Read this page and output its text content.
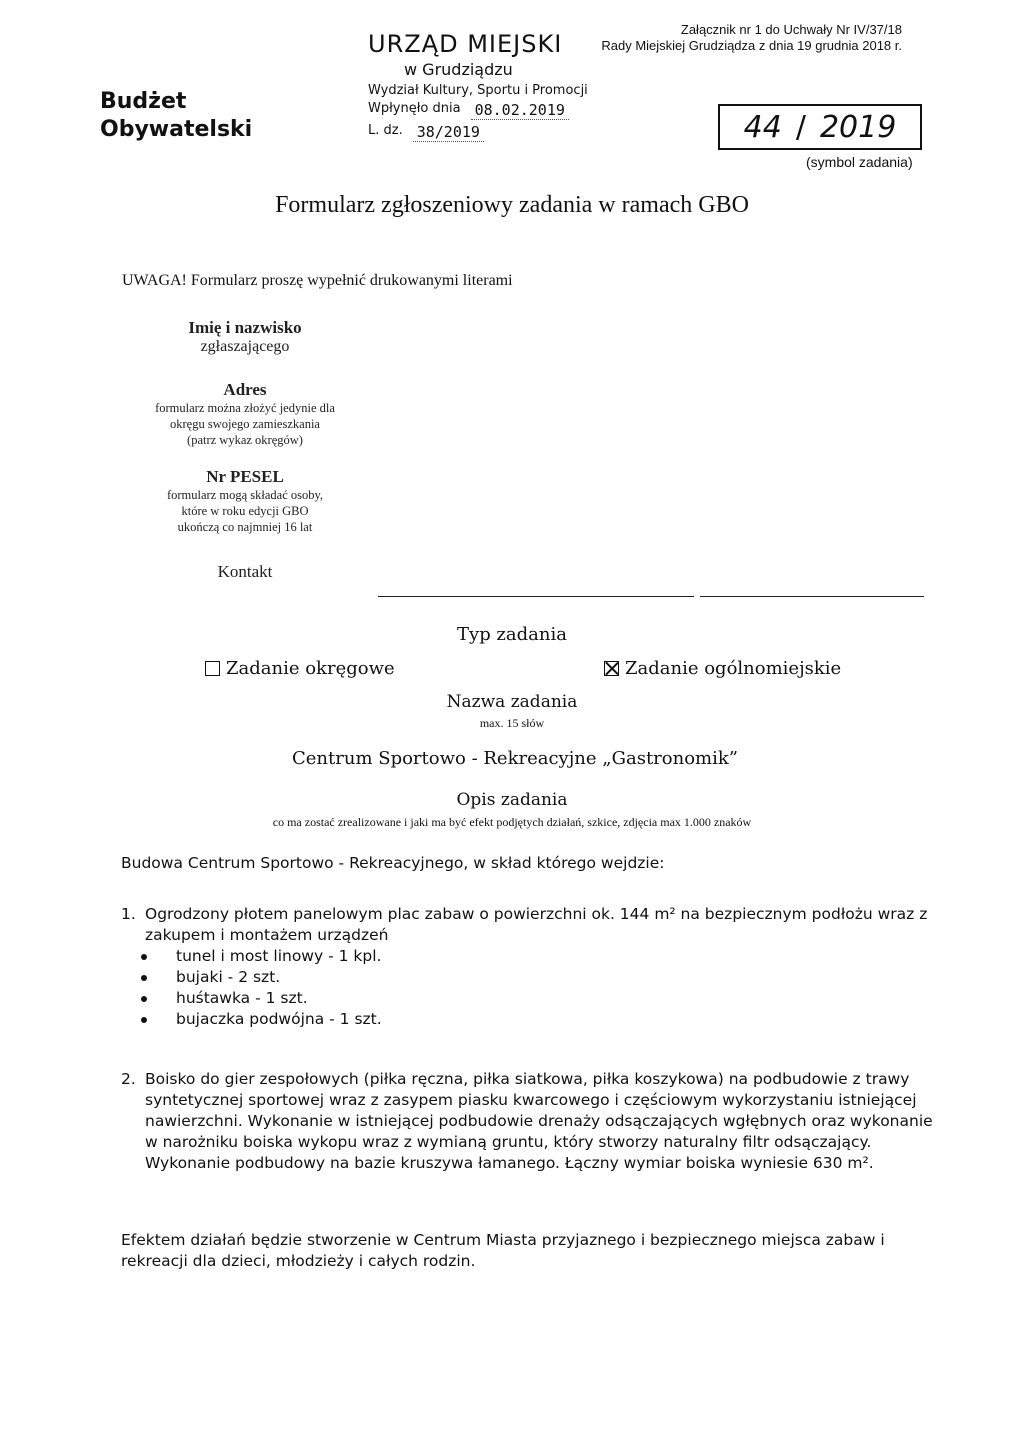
Budżet
Obywatelski
URZĄD MIEJSKI
w Grudziądzu
Wydział Kultury, Sportu i Promocji
Wpłynęło dnia 08.02.2019
L. dz. 38/2019
Załącznik nr 1 do Uchwały Nr IV/37/18
Rady Miejskiej Grudziądza z dnia 19 grudnia 2018 r.
44 / 2019
(symbol zadania)
Formularz zgłoszeniowy zadania w ramach GBO
UWAGA! Formularz proszę wypełnić drukowanymi literami
Imię i nazwisko
zgłaszającego
Adres
formularz można złożyć jedynie dla
okręgu swojego zamieszkania
(patrz wykaz okręgów)
Nr PESEL
formularz mogą składać osoby,
które w roku edycji GBO
ukończą co najmniej 16 lat
Kontakt
Typ zadania
Zadanie okręgowe	Zadanie ogólnomiejskie
Nazwa zadania
max. 15 słów
Centrum Sportowo - Rekreacyjne „Gastronomik”
Opis zadania
co ma zostać zrealizowane i jaki ma być efekt podjętych działań, szkice, zdjęcia max 1.000 znaków
Budowa Centrum Sportowo - Rekreacyjnego, w skład którego wejdzie:
1. Ogrodzony płotem panelowym plac zabaw o powierzchni ok. 144 m² na bezpiecznym podłożu wraz z zakupem i montażem urządzeń
tunel i most linowy - 1 kpl.
bujaki - 2 szt.
huśtawka - 1 szt.
bujaczka podwójna - 1 szt.
2. Boisko do gier zespołowych (piłka ręczna, piłka siatkowa, piłka koszykowa) na podbudowie z trawy syntetycznej sportowej wraz z zasypem piasku kwarcowego i częściowym wykorzystaniu istniejącej nawierzchni. Wykonanie w istniejącej podbudowie drenaży odsączających wgłębnych oraz wykonanie w narożniku boiska wykopu wraz z wymianą gruntu, który stworzy naturalny filtr odsączający. Wykonanie podbudowy na bazie kruszywa łamanego. Łączny wymiar boiska wyniesie 630 m².
Efektem działań będzie stworzenie w Centrum Miasta przyjaznego i bezpiecznego miejsca zabaw i rekreacji dla dzieci, młodzieży i całych rodzin.
